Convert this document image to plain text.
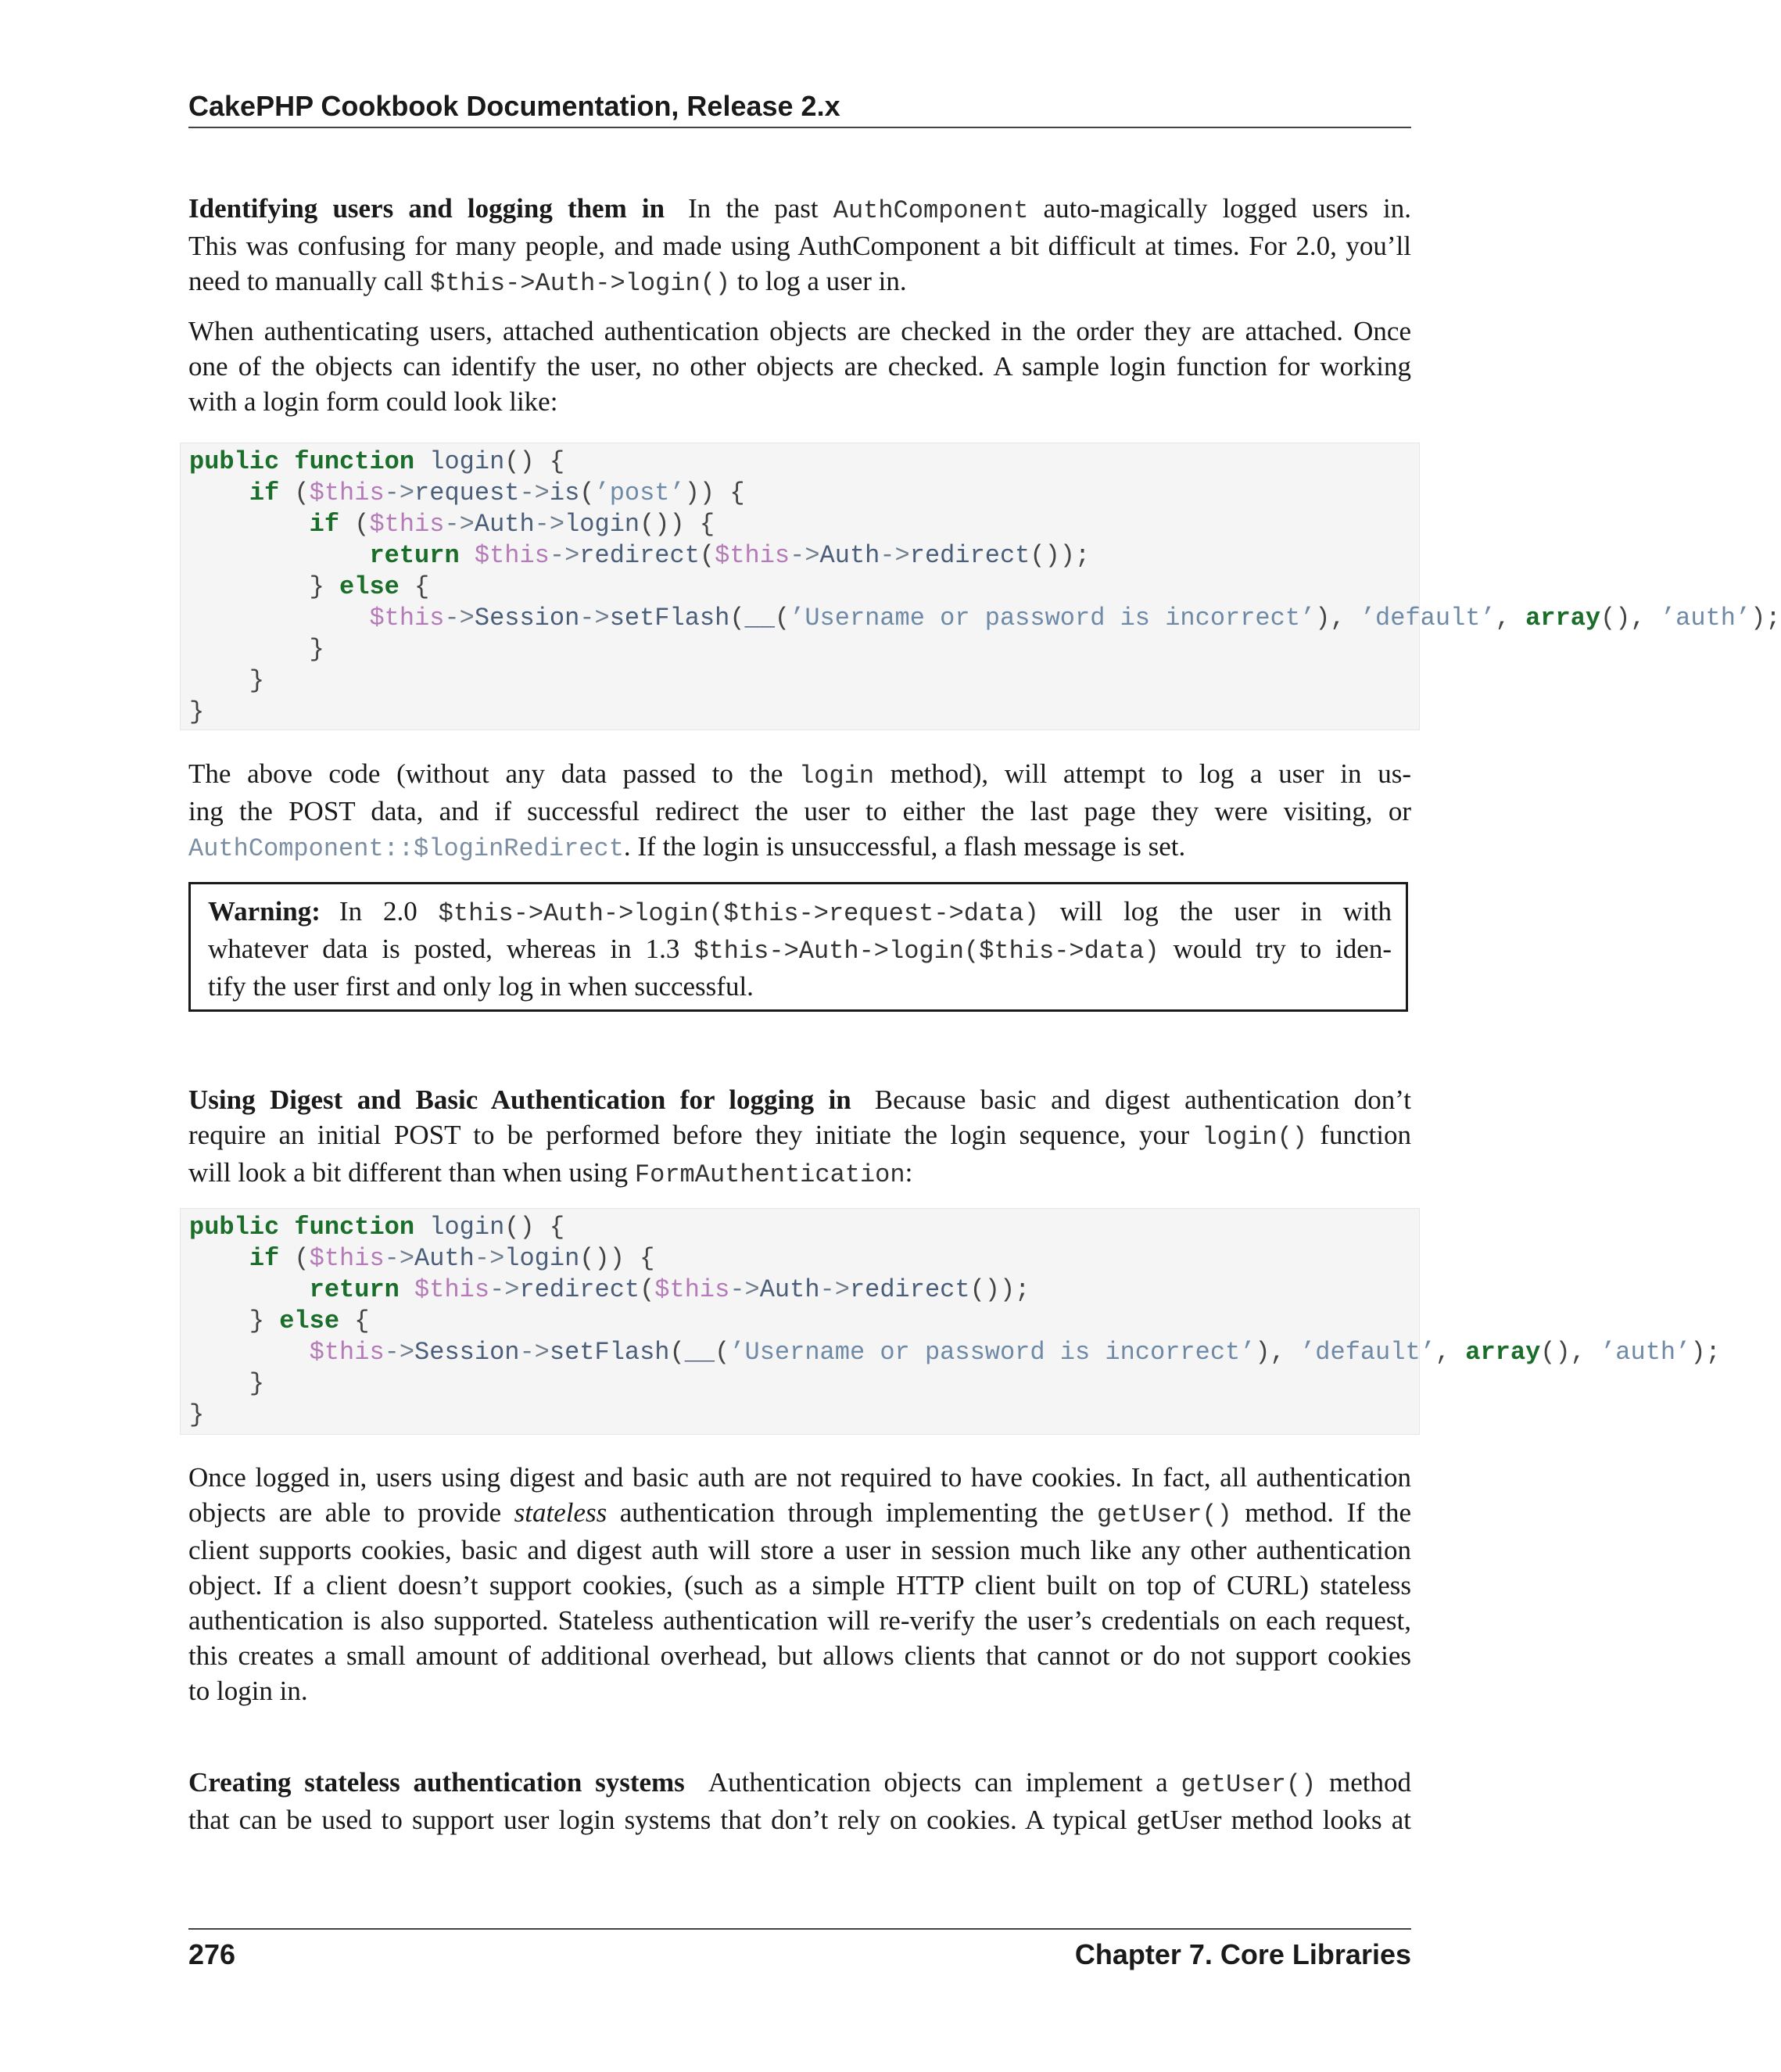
CakePHP Cookbook Documentation, Release 2.x

Identifying users and logging them in In the past AuthComponent auto-magically logged users in.
This was confusing for many people, and made using AuthComponent a bit difficult at times. For 2.0, you’ll
need to manually call $this->Auth->login() to log a user in.

When authenticating users, attached authentication objects are checked in the order they are attached. Once
one of the objects can identify the user, no other objects are checked. A sample login function for working
with a login form could look like:

public function login() {
if ($this->request->is(’post’)) {
if ($this->Auth->login()) {
return $this->redirect($this->Auth->redirect());
} else {
$this->Session->setFlash(__(’Username or password is incorrect’), ’default’, array(), ’auth’);
}
}
}

The above code (without any data passed to the login method), will attempt to log a user in us-
ing the POST data, and if successful redirect the user to either the last page they were visiting, or
AuthComponent::$loginRedirect. If the login is unsuccessful, a flash message is set.

Warning: In 2.0 $this->Auth->login($this->request->data) will log the user in with
whatever data is posted, whereas in 1.3 $this->Auth->login($this->data) would try to iden-
tify the user first and only log in when successful.

Using Digest and Basic Authentication for logging in Because basic and digest authentication don’t
require an initial POST to be performed before they initiate the login sequence, your login() function
will look a bit different than when using FormAuthentication:

public function login() {
if ($this->Auth->login()) {
return $this->redirect($this->Auth->redirect());
} else {
$this->Session->setFlash(__(’Username or password is incorrect’), ’default’, array(), ’auth’);
}
}

Once logged in, users using digest and basic auth are not required to have cookies. In fact, all authentication
objects are able to provide stateless authentication through implementing the getUser() method. If the
client supports cookies, basic and digest auth will store a user in session much like any other authentication
object. If a client doesn’t support cookies, (such as a simple HTTP client built on top of CURL) stateless
authentication is also supported. Stateless authentication will re-verify the user’s credentials on each request,
this creates a small amount of additional overhead, but allows clients that cannot or do not support cookies
to login in.

Creating stateless authentication systems Authentication objects can implement a getUser() method
that can be used to support user login systems that don’t rely on cookies. A typical getUser method looks at

276	Chapter 7. Core Libraries
